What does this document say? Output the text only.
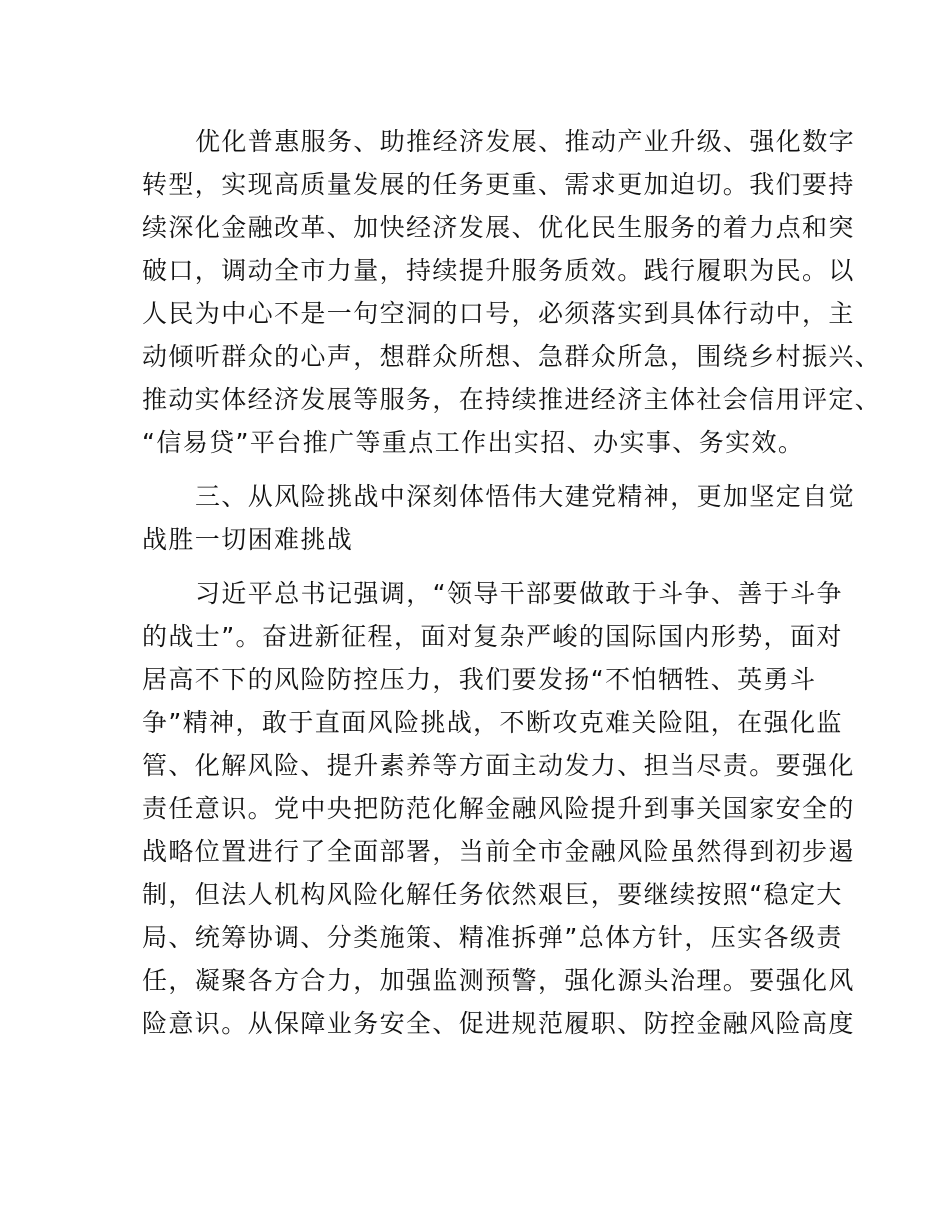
优化普惠服务、助推经济发展、推动产业升级、强化数字
转型，实现高质量发展的任务更重、需求更加迫切。我们要持
续深化金融改革、加快经济发展、优化民生服务的着力点和突
破口，调动全市力量，持续提升服务质效。践行履职为民。以
人民为中心不是一句空洞的口号，必须落实到具体行动中，主
动倾听群众的心声，想群众所想、急群众所急，围绕乡村振兴、
推动实体经济发展等服务，在持续推进经济主体社会信用评定、
“信易贷”平台推广等重点工作出实招、办实事、务实效。
三、从风险挑战中深刻体悟伟大建党精神，更加坚定自觉
战胜一切困难挑战
习近平总书记强调，“领导干部要做敢于斗争、善于斗争
的战士”。奋进新征程，面对复杂严峻的国际国内形势，面对
居高不下的风险防控压力，我们要发扬“不怕牺牲、英勇斗
争”精神，敢于直面风险挑战，不断攻克难关险阻，在强化监
管、化解风险、提升素养等方面主动发力、担当尽责。要强化
责任意识。党中央把防范化解金融风险提升到事关国家安全的
战略位置进行了全面部署，当前全市金融风险虽然得到初步遏
制，但法人机构风险化解任务依然艰巨，要继续按照“稳定大
局、统筹协调、分类施策、精准拆弹”总体方针，压实各级责
任，凝聚各方合力，加强监测预警，强化源头治理。要强化风
险意识。从保障业务安全、促进规范履职、防控金融风险高度
